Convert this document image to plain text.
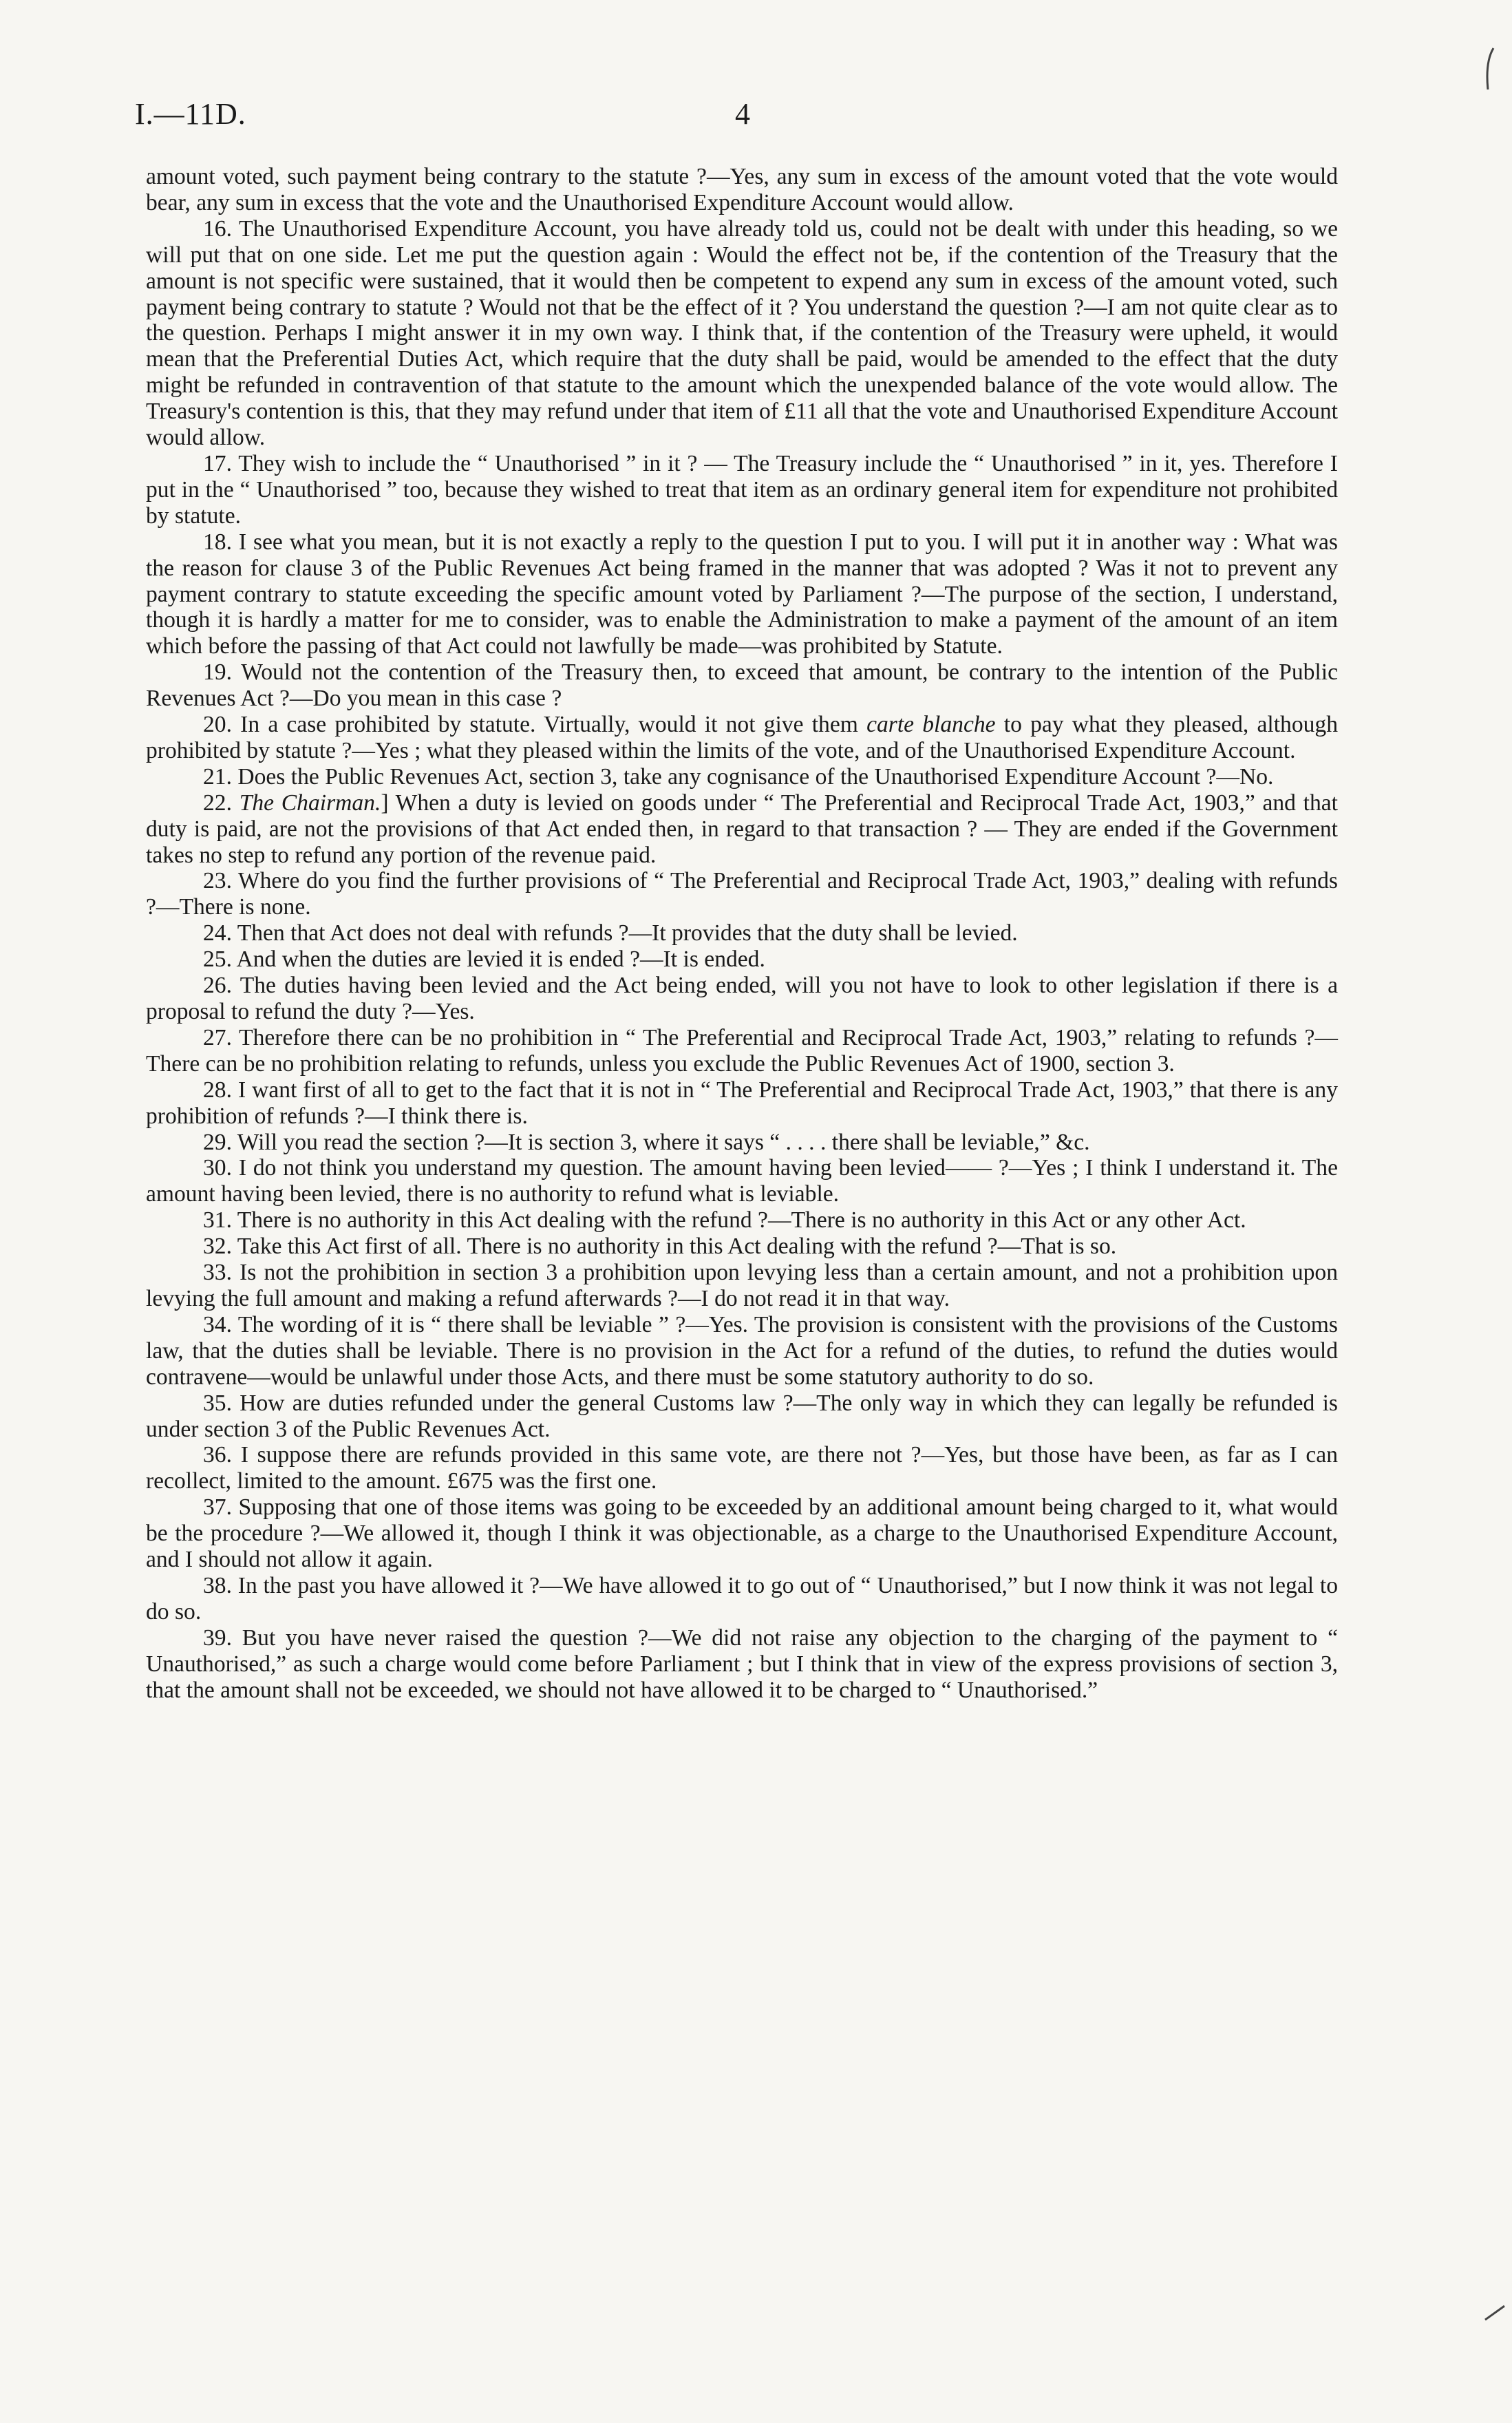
I.—11D.	4

amount voted, such payment being contrary to the statute ?—Yes, any sum in excess of the amount voted that the vote would bear, any sum in excess that the vote and the Unauthorised Expenditure Account would allow.

16. The Unauthorised Expenditure Account, you have already told us, could not be dealt with under this heading, so we will put that on one side. Let me put the question again : Would the effect not be, if the contention of the Treasury that the amount is not specific were sustained, that it would then be competent to expend any sum in excess of the amount voted, such payment being contrary to statute ? Would not that be the effect of it ? You understand the question ?—I am not quite clear as to the question. Perhaps I might answer it in my own way. I think that, if the contention of the Treasury were upheld, it would mean that the Preferential Duties Act, which require that the duty shall be paid, would be amended to the effect that the duty might be refunded in contravention of that statute to the amount which the unexpended balance of the vote would allow. The Treasury's contention is this, that they may refund under that item of £11 all that the vote and Unauthorised Expenditure Account would allow.

17. They wish to include the “ Unauthorised ” in it ? — The Treasury include the “ Unauthorised ” in it, yes. Therefore I put in the “ Unauthorised ” too, because they wished to treat that item as an ordinary general item for expenditure not prohibited by statute.

18. I see what you mean, but it is not exactly a reply to the question I put to you. I will put it in another way : What was the reason for clause 3 of the Public Revenues Act being framed in the manner that was adopted ? Was it not to prevent any payment contrary to statute exceeding the specific amount voted by Parliament ?—The purpose of the section, I understand, though it is hardly a matter for me to consider, was to enable the Administration to make a payment of the amount of an item which before the passing of that Act could not lawfully be made—was prohibited by Statute.

19. Would not the contention of the Treasury then, to exceed that amount, be contrary to the intention of the Public Revenues Act ?—Do you mean in this case ?

20. In a case prohibited by statute. Virtually, would it not give them carte blanche to pay what they pleased, although prohibited by statute ?—Yes ; what they pleased within the limits of the vote, and of the Unauthorised Expenditure Account.

21. Does the Public Revenues Act, section 3, take any cognisance of the Unauthorised Expenditure Account ?—No.

22. The Chairman.] When a duty is levied on goods under “ The Preferential and Reciprocal Trade Act, 1903,” and that duty is paid, are not the provisions of that Act ended then, in regard to that transaction ? — They are ended if the Government takes no step to refund any portion of the revenue paid.

23. Where do you find the further provisions of “ The Preferential and Reciprocal Trade Act, 1903,” dealing with refunds ?—There is none.

24. Then that Act does not deal with refunds ?—It provides that the duty shall be levied.

25. And when the duties are levied it is ended ?—It is ended.

26. The duties having been levied and the Act being ended, will you not have to look to other legislation if there is a proposal to refund the duty ?—Yes.

27. Therefore there can be no prohibition in “ The Preferential and Reciprocal Trade Act, 1903,” relating to refunds ?—There can be no prohibition relating to refunds, unless you exclude the Public Revenues Act of 1900, section 3.

28. I want first of all to get to the fact that it is not in “ The Preferential and Reciprocal Trade Act, 1903,” that there is any prohibition of refunds ?—I think there is.

29. Will you read the section ?—It is section 3, where it says “ . . . . there shall be leviable,” &c.

30. I do not think you understand my question. The amount having been levied—— ?—Yes ; I think I understand it. The amount having been levied, there is no authority to refund what is leviable.

31. There is no authority in this Act dealing with the refund ?—There is no authority in this Act or any other Act.

32. Take this Act first of all. There is no authority in this Act dealing with the refund ?—That is so.

33. Is not the prohibition in section 3 a prohibition upon levying less than a certain amount, and not a prohibition upon levying the full amount and making a refund afterwards ?—I do not read it in that way.

34. The wording of it is “ there shall be leviable ” ?—Yes. The provision is consistent with the provisions of the Customs law, that the duties shall be leviable. There is no provision in the Act for a refund of the duties, to refund the duties would contravene—would be unlawful under those Acts, and there must be some statutory authority to do so.

35. How are duties refunded under the general Customs law ?—The only way in which they can legally be refunded is under section 3 of the Public Revenues Act.

36. I suppose there are refunds provided in this same vote, are there not ?—Yes, but those have been, as far as I can recollect, limited to the amount. £675 was the first one.

37. Supposing that one of those items was going to be exceeded by an additional amount being charged to it, what would be the procedure ?—We allowed it, though I think it was objectionable, as a charge to the Unauthorised Expenditure Account, and I should not allow it again.

38. In the past you have allowed it ?—We have allowed it to go out of “ Unauthorised,” but I now think it was not legal to do so.

39. But you have never raised the question ?—We did not raise any objection to the charging of the payment to “ Unauthorised,” as such a charge would come before Parliament ; but I think that in view of the express provisions of section 3, that the amount shall not be exceeded, we should not have allowed it to be charged to “ Unauthorised.”
